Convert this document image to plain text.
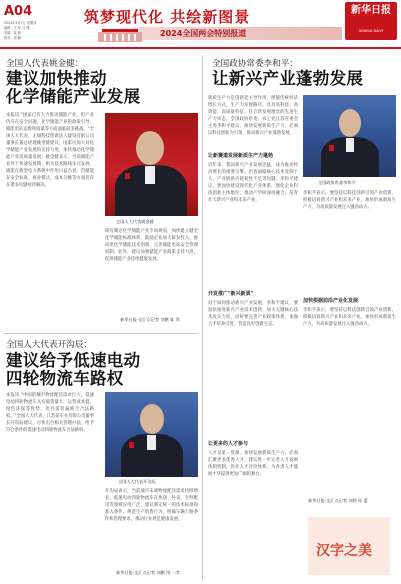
A04
2024年3月7日 星期四
编辑：王 东 马 翎
美编：秦 明
校对：周 鹏
筑梦现代化 共绘新图景
2024全国两会特别报道
新华日报
XINHUA DAILY
全国人代表姚金健：
建议加快推动
化学储能产业发展
本报讯 "国家已有大力推动储能产业，但产业仍存在安全问题，化学储能产业的政策引导、储能电站运维和质量等方面面临较多挑战。"全国人大代表、无锡科技创新法人建设有限公司董事长兼总经理姚金健建议，国家应加大对化学储能产业发展的支持力度，加快推动化学储能产业高质量发展。姚金健表示，当前储能产业处于快速发展期，相关技术路线多元发展，储能在新型电力系统中作用日益凸显。但储能在安全标准、商业模式、成本分摊等方面仍存在诸多问题亟待解决。
全国人大代表姚金健
研究制定化学储能产业专项规划，加快建立健全化学储能标准体系，鼓励企业加大研发投入，推动电化学储能技术创新，完善储能电站安全管理机制。此外，建议加强储能产业政策支持力度，促进储能产业持续健康发展。
新华日报·交汇点记者 刘鹏 陈 翠
全国人大代表开沟辰：
建议给予低速电动
四轮物流车路权
本报讯 "中国的城市物流配送需求巨大，低速电动四轮物流车具有载货量大、运营成本低、绿色环保等优势，但目前普遍缺乏合法路权。"全国人大代表、江苏某车业有限公司董事长开沟辰建议，尽快出台相关管理办法，给予符合条件的低速电动四轮物流车合法路权。
全国人大代表开沟辰
开沟辰表示，当前城市末端物流配送需求持续增长，低速电动四轮物流车在快递、外卖、生鲜配送等领域应用广泛。建议制定统一的技术标准和准入条件，规范生产销售行为，明确车辆上路条件和管理要求，推动行业规范健康发展。
新华日报·交汇点记者 刘鹏 钱 一苇
全国政协常委李和平：
让新兴产业蓬勃发展
新质生产力是创新起主导作用，摆脱传统经济增长方式、生产力发展路径，具有高科技、高效能、高质量特征，符合新发展理念的先进生产力质态。全国政协常委、农工党江苏省委会主委李和平建议，加快发展新质生产力，必须以科技创新为引领，推动新兴产业蓬勃发展。
让新赛道发展新质生产力蓬勃
近年来，我国新兴产业发展迅猛，成为推动经济增长的重要引擎。但也面临核心技术受制于人、产业链供应链韧性不足等问题。李和平建议，要加快建设现代化产业体系，强化企业科技创新主体地位，推动产学研深度融合，培育壮大新兴产业和未来产业。
开发推广"新兴新质"
对于如何推动新兴产业发展，李和平建议，要加快推进新兴产业技术创新，加大关键核心技术攻关力度，同时要完善产业政策体系，加强人才培养引进，营造良好创新生态。
让更多的人才参与
人才是第一资源。加快发展新质生产力，必须汇聚更多优秀人才。建议进一步完善人才发展体制机制，优化人才评价体系，为各类人才施展才华提供更加广阔的舞台。
全国政协常委李和平
李和平表示，要坚持以科技创新引领产业创新，积极培育新兴产业和未来产业，加快形成新质生产力，为高质量发展注入强劲动力。
加快根据前沿产业化发展
李和平表示，要坚持以科技创新引领产业创新，积极培育新兴产业和未来产业，加快形成新质生产力，为高质量发展注入强劲动力。
新华日报·交汇点记者 刘炳 孙 蕾
汉字之美
